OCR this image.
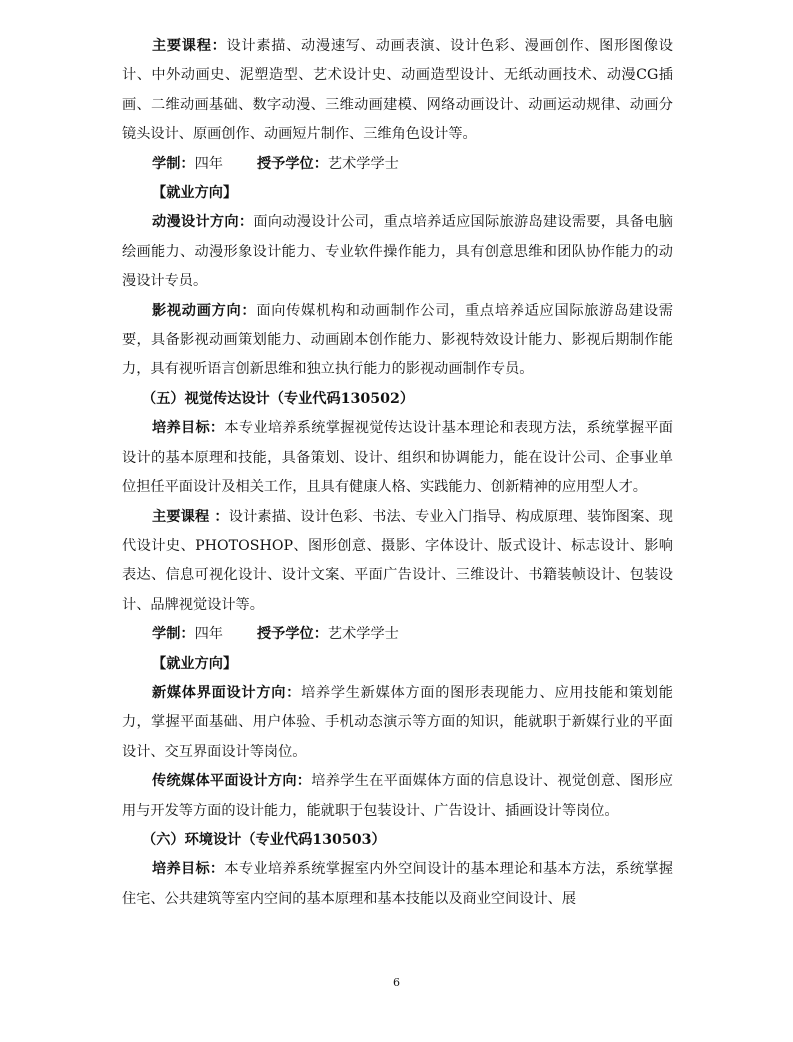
主要课程：设计素描、动漫速写、动画表演、设计色彩、漫画创作、图形图像设计、中外动画史、泥塑造型、艺术设计史、动画造型设计、无纸动画技术、动漫CG插画、二维动画基础、数字动漫、三维动画建模、网络动画设计、动画运动规律、动画分镜头设计、原画创作、动画短片制作、三维角色设计等。

学制：四年 授予学位：艺术学学士

【就业方向】

动漫设计方向：面向动漫设计公司，重点培养适应国际旅游岛建设需要，具备电脑绘画能力、动漫形象设计能力、专业软件操作能力，具有创意思维和团队协作能力的动漫设计专员。

影视动画方向：面向传媒机构和动画制作公司，重点培养适应国际旅游岛建设需要，具备影视动画策划能力、动画剧本创作能力、影视特效设计能力、影视后期制作能力，具有视听语言创新思维和独立执行能力的影视动画制作专员。

（五）视觉传达设计（专业代码130502）

培养目标：本专业培养系统掌握视觉传达设计基本理论和表现方法，系统掌握平面设计的基本原理和技能，具备策划、设计、组织和协调能力，能在设计公司、企事业单位担任平面设计及相关工作，且具有健康人格、实践能力、创新精神的应用型人才。

主要课程 ：设计素描、设计色彩、书法、专业入门指导、构成原理、装饰图案、现代设计史、PHOTOSHOP、图形创意、摄影、字体设计、版式设计、标志设计、影响表达、信息可视化设计、设计文案、平面广告设计、三维设计、书籍装帧设计、包装设计、品牌视觉设计等。

学制：四年 授予学位：艺术学学士

【就业方向】

新媒体界面设计方向：培养学生新媒体方面的图形表现能力、应用技能和策划能力，掌握平面基础、用户体验、手机动态演示等方面的知识，能就职于新媒行业的平面设计、交互界面设计等岗位。

传统媒体平面设计方向：培养学生在平面媒体方面的信息设计、视觉创意、图形应用与开发等方面的设计能力，能就职于包装设计、广告设计、插画设计等岗位。

（六）环境设计（专业代码130503）

培养目标：本专业培养系统掌握室内外空间设计的基本理论和基本方法，系统掌握住宅、公共建筑等室内空间的基本原理和基本技能以及商业空间设计、展

6
